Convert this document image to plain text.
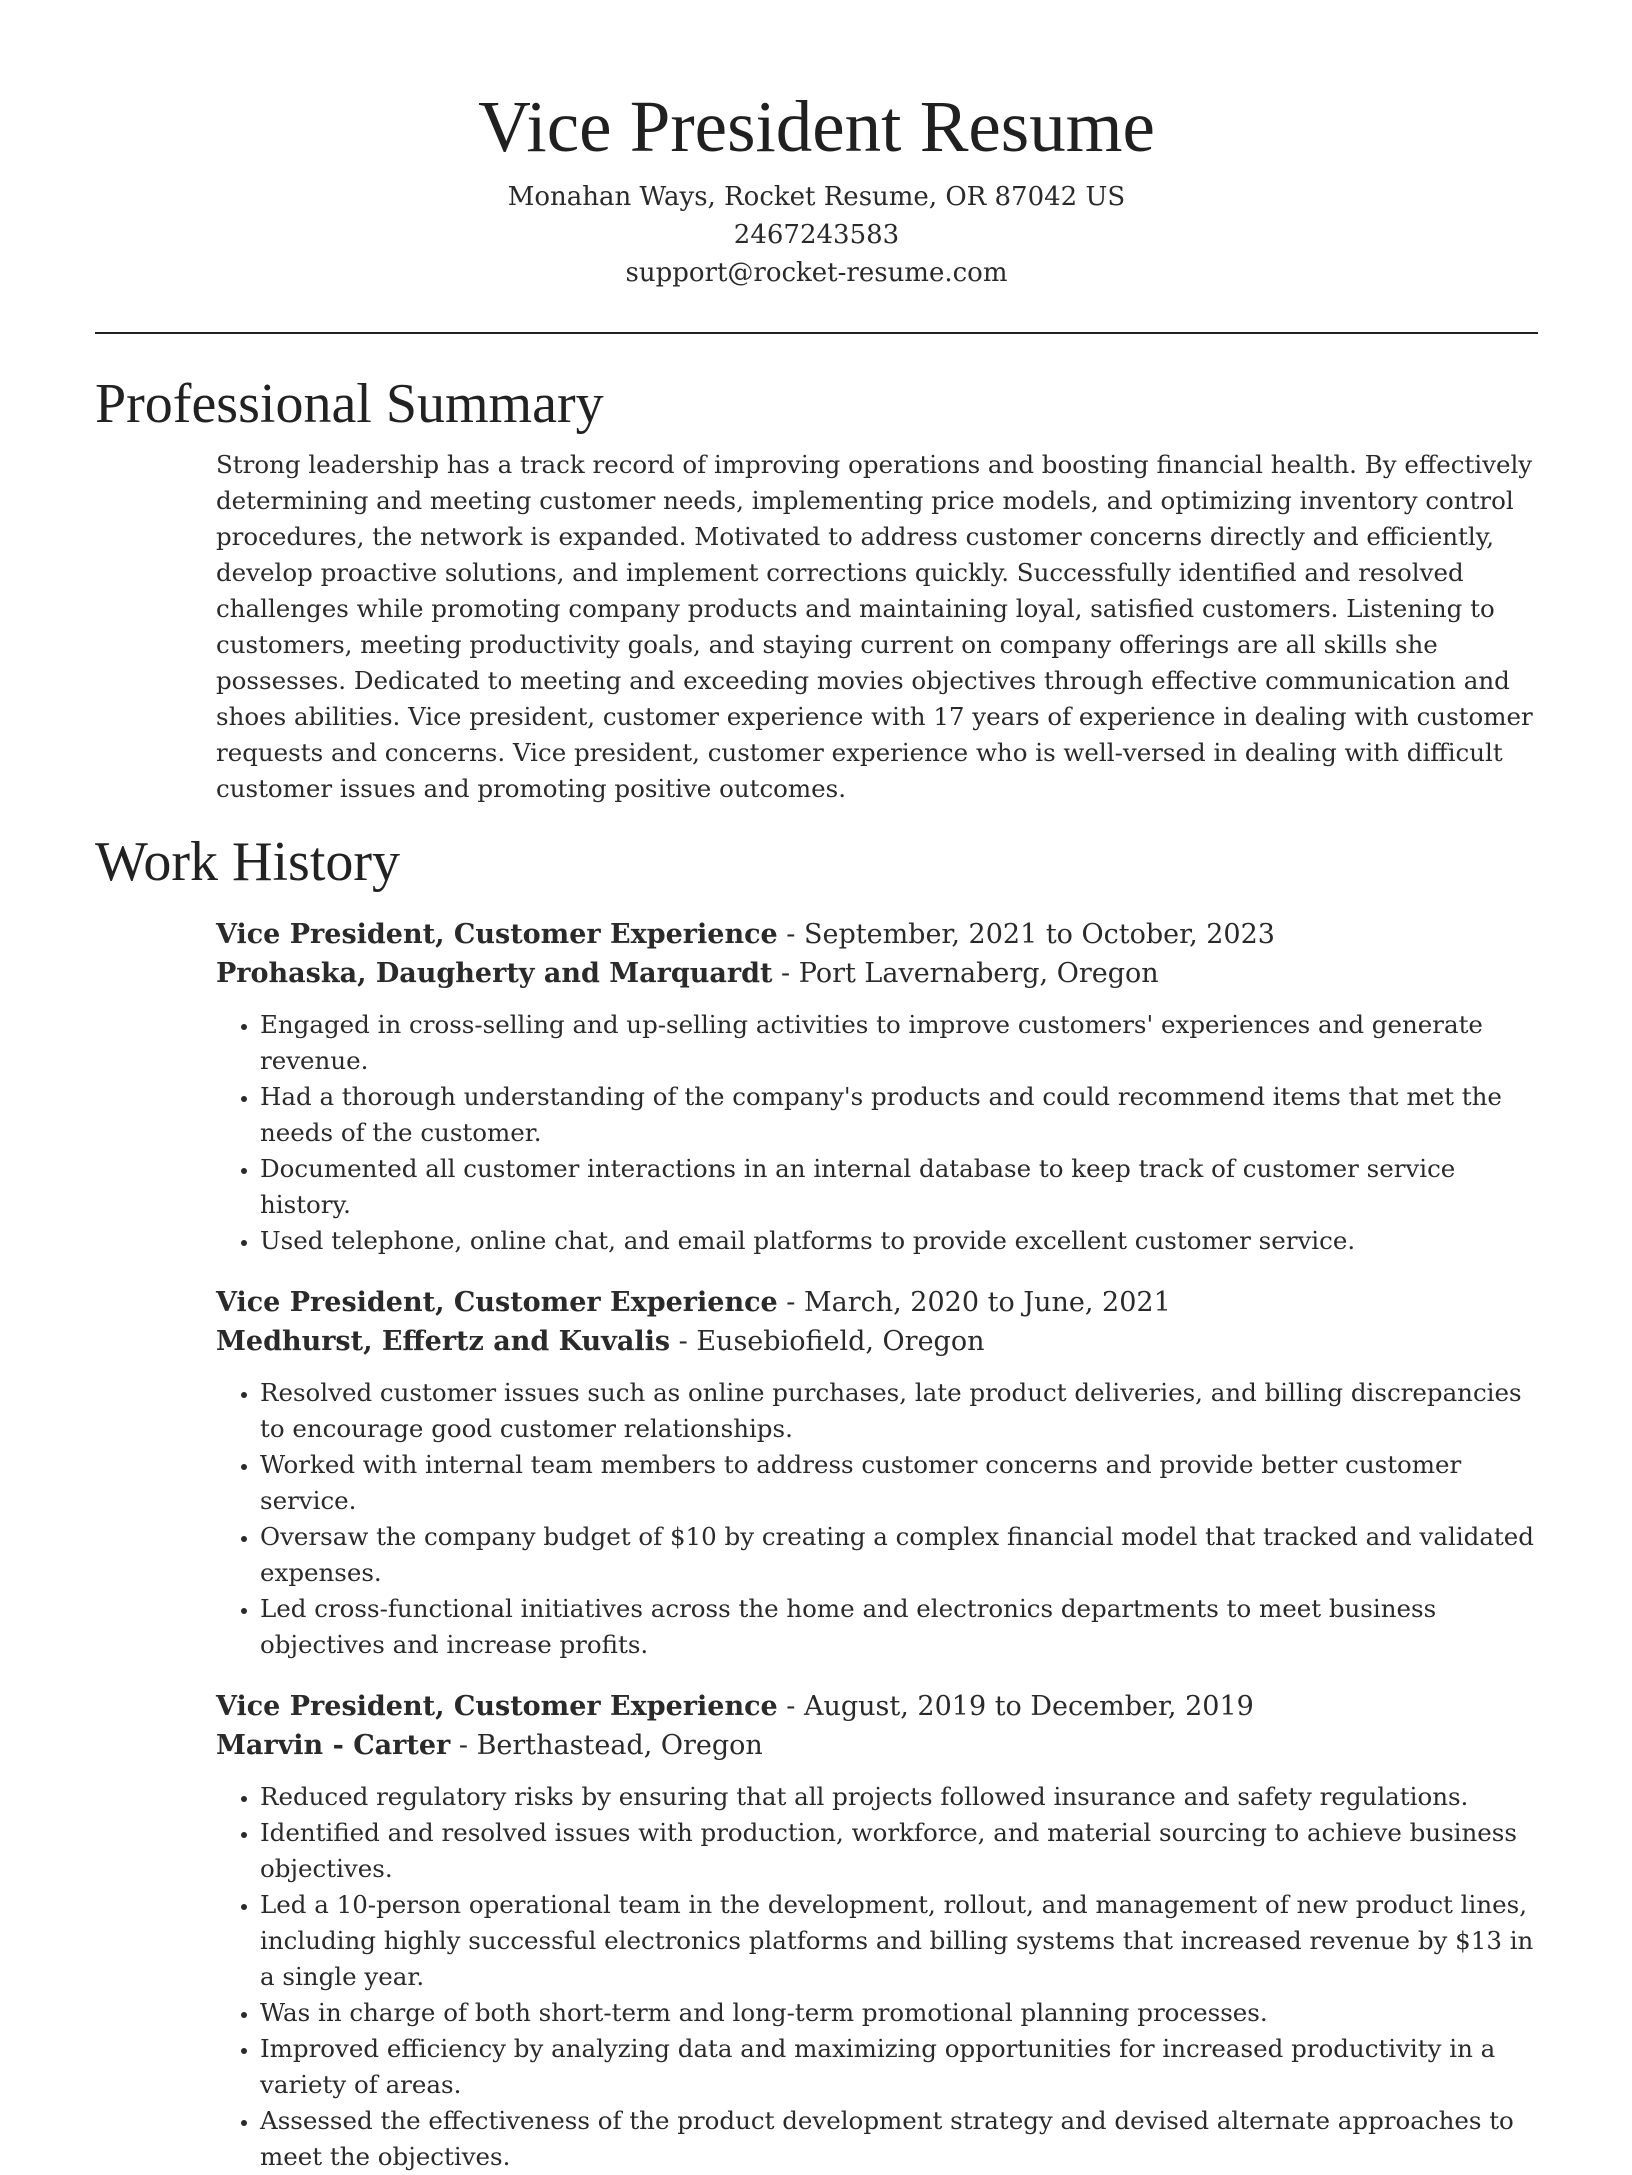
Vice President Resume

Monahan Ways, Rocket Resume, OR 87042 US

2467243583

support@rocket-resume.com

Professional Summary

Strong leadership has a track record of improving operations and boosting financial health. By effectively determining and meeting customer needs, implementing price models, and optimizing inventory control procedures, the network is expanded. Motivated to address customer concerns directly and efficiently, develop proactive solutions, and implement corrections quickly. Successfully identified and resolved challenges while promoting company products and maintaining loyal, satisfied customers. Listening to customers, meeting productivity goals, and staying current on company offerings are all skills she possesses. Dedicated to meeting and exceeding movies objectives through effective communication and shoes abilities. Vice president, customer experience with 17 years of experience in dealing with customer requests and concerns. Vice president, customer experience who is well-versed in dealing with difficult customer issues and promoting positive outcomes.

Work History

Vice President, Customer Experience - September, 2021 to October, 2023

Prohaska, Daugherty and Marquardt - Port Lavernaberg, Oregon

• Engaged in cross-selling and up-selling activities to improve customers' experiences and generate revenue.
• Had a thorough understanding of the company's products and could recommend items that met the needs of the customer.
• Documented all customer interactions in an internal database to keep track of customer service history.
• Used telephone, online chat, and email platforms to provide excellent customer service.

Vice President, Customer Experience - March, 2020 to June, 2021

Medhurst, Effertz and Kuvalis - Eusebiofield, Oregon

• Resolved customer issues such as online purchases, late product deliveries, and billing discrepancies to encourage good customer relationships.
• Worked with internal team members to address customer concerns and provide better customer service.
• Oversaw the company budget of $10 by creating a complex financial model that tracked and validated expenses.
• Led cross-functional initiatives across the home and electronics departments to meet business objectives and increase profits.

Vice President, Customer Experience - August, 2019 to December, 2019

Marvin - Carter - Berthastead, Oregon

• Reduced regulatory risks by ensuring that all projects followed insurance and safety regulations.
• Identified and resolved issues with production, workforce, and material sourcing to achieve business objectives.
• Led a 10-person operational team in the development, rollout, and management of new product lines, including highly successful electronics platforms and billing systems that increased revenue by $13 in a single year.
• Was in charge of both short-term and long-term promotional planning processes.
• Improved efficiency by analyzing data and maximizing opportunities for increased productivity in a variety of areas.
• Assessed the effectiveness of the product development strategy and devised alternate approaches to meet the objectives.
